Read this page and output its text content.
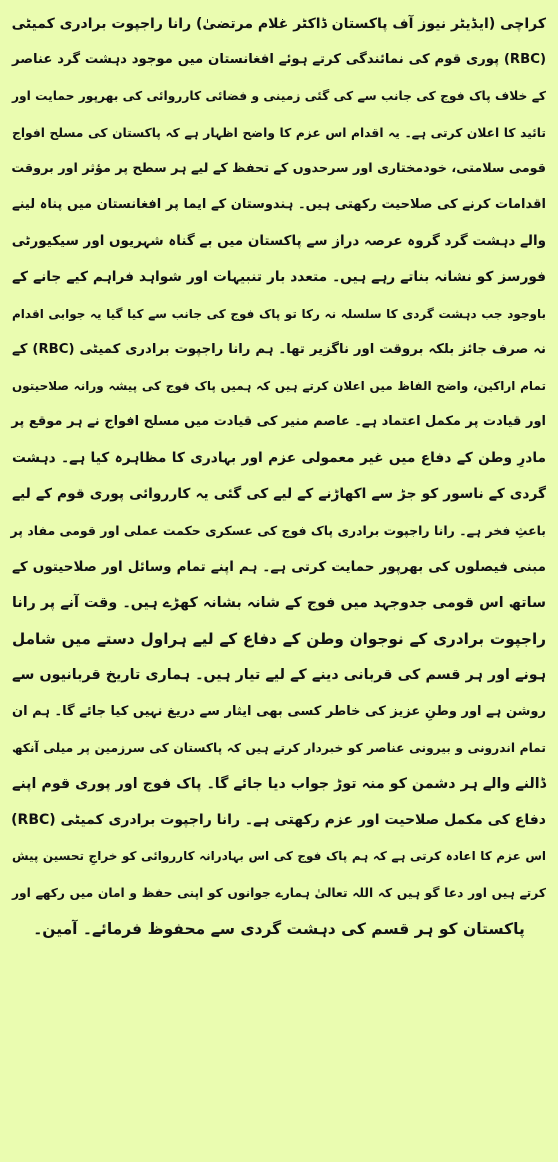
کراچی (ایڈیٹر نیوز آف پاکستان ڈاکٹر غلام مرتضیٰ) رانا راجپوت برادری کمیٹی
(RBC) پوری قوم کی نمائندگی کرتے ہوئے افغانستان میں موجود دہشت گرد عناصر
کے خلاف پاک فوج کی جانب سے کی گئی زمینی و فضائی کارروائی کی بھرپور حمایت اور
تائید کا اعلان کرتی ہے۔ یہ اقدام اس عزم کا واضح اظہار ہے کہ پاکستان کی مسلح افواج
قومی سلامتی، خودمختاری اور سرحدوں کے تحفظ کے لیے ہر سطح پر مؤثر اور بروقت
اقدامات کرنے کی صلاحیت رکھتی ہیں۔ ہندوستان کے ایما پر افغانستان میں پناہ لینے
والے دہشت گرد گروہ عرصہ دراز سے پاکستان میں بے گناہ شہریوں اور سیکیورٹی
فورسز کو نشانہ بناتے رہے ہیں۔ متعدد بار تنبیہات اور شواہد فراہم کیے جانے کے
باوجود جب دہشت گردی کا سلسلہ نہ رکا تو پاک فوج کی جانب سے کیا گیا یہ جوابی اقدام
نہ صرف جائز بلکہ بروقت اور ناگزیر تھا۔ ہم رانا راجپوت برادری کمیٹی (RBC) کے
تمام اراکین، واضح الفاظ میں اعلان کرتے ہیں کہ ہمیں پاک فوج کی پیشہ ورانہ صلاحیتوں
اور قیادت پر مکمل اعتماد ہے۔ عاصم منیر کی قیادت میں مسلح افواج نے ہر موقع پر
مادرِ وطن کے دفاع میں غیر معمولی عزم اور بہادری کا مظاہرہ کیا ہے۔ دہشت
گردی کے ناسور کو جڑ سے اکھاڑنے کے لیے کی گئی یہ کارروائی پوری قوم کے لیے
باعثِ فخر ہے۔ رانا راجپوت برادری پاک فوج کی عسکری حکمت عملی اور قومی مفاد پر
مبنی فیصلوں کی بھرپور حمایت کرتی ہے۔ ہم اپنے تمام وسائل اور صلاحیتوں کے
ساتھ اس قومی جدوجہد میں فوج کے شانہ بشانہ کھڑے ہیں۔ وقت آنے پر رانا
راجپوت برادری کے نوجوان وطن کے دفاع کے لیے ہراول دستے میں شامل
ہونے اور ہر قسم کی قربانی دینے کے لیے تیار ہیں۔ ہماری تاریخ قربانیوں سے
روشن ہے اور وطنِ عزیز کی خاطر کسی بھی ایثار سے دریغ نہیں کیا جائے گا۔ ہم ان
تمام اندرونی و بیرونی عناصر کو خبردار کرتے ہیں کہ پاکستان کی سرزمین پر میلی آنکھ
ڈالنے والے ہر دشمن کو منہ توڑ جواب دیا جائے گا۔ پاک فوج اور پوری قوم اپنے
دفاع کی مکمل صلاحیت اور عزم رکھتی ہے۔ رانا راجپوت برادری کمیٹی (RBC)
اس عزم کا اعادہ کرتی ہے کہ ہم پاک فوج کی اس بہادرانہ کارروائی کو خراجِ تحسین پیش
کرتے ہیں اور دعا گو ہیں کہ اللہ تعالیٰ ہمارے جوانوں کو اپنی حفظ و امان میں رکھے اور
پاکستان کو ہر قسم کی دہشت گردی سے محفوظ فرمائے۔ آمین۔
